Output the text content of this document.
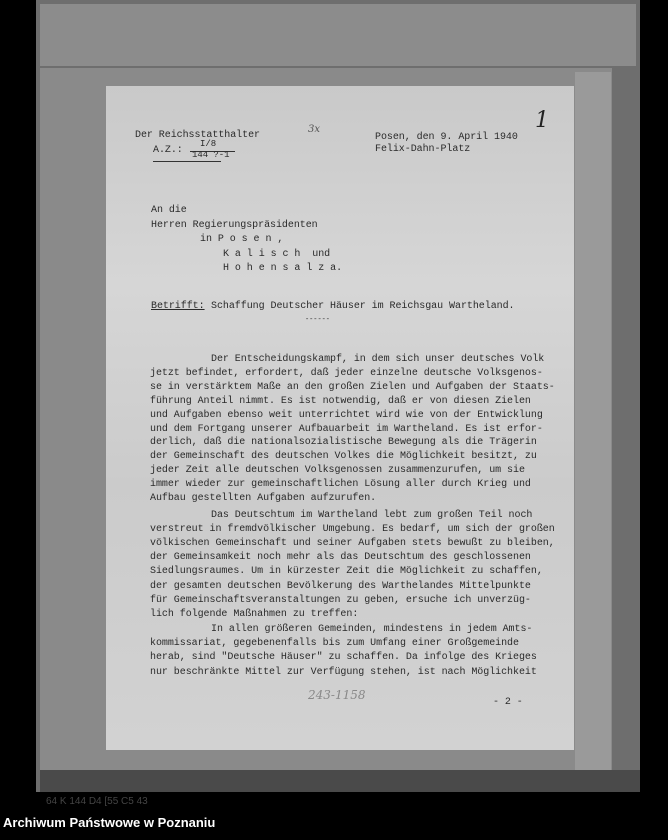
64 K 144 D4 [55 C5 43
Der Reichsstatthalter
A.Z.:
I/8
144 ?-1
3x
Posen, den 9. April 1940
Felix-Dahn-Platz
1
An die
Herren Regierungspräsidenten
in P o s e n ,
K a l i s c h  und
H o h e n s a l z a.
Betrifft: Schaffung Deutscher Häuser im Reichsgau Wartheland.
------
Der Entscheidungskampf, in dem sich unser deutsches Volk
jetzt befindet, erfordert, daß jeder einzelne deutsche Volksgenos-
se in verstärktem Maße an den großen Zielen und Aufgaben der Staats-
führung Anteil nimmt. Es ist notwendig, daß er von diesen Zielen
und Aufgaben ebenso weit unterrichtet wird wie von der Entwicklung
und dem Fortgang unserer Aufbauarbeit im Wartheland. Es ist erfor-
derlich, daß die nationalsozialistische Bewegung als die Trägerin
der Gemeinschaft des deutschen Volkes die Möglichkeit besitzt, zu
jeder Zeit alle deutschen Volksgenossen zusammenzurufen, um sie
immer wieder zur gemeinschaftlichen Lösung aller durch Krieg und
Aufbau gestellten Aufgaben aufzurufen.
Das Deutschtum im Wartheland lebt zum großen Teil noch
verstreut in fremdvölkischer Umgebung. Es bedarf, um sich der großen
völkischen Gemeinschaft und seiner Aufgaben stets bewußt zu bleiben,
der Gemeinsamkeit noch mehr als das Deutschtum des geschlossenen
Siedlungsraumes. Um in kürzester Zeit die Möglichkeit zu schaffen,
der gesamten deutschen Bevölkerung des Warthelandes Mittelpunkte
für Gemeinschaftsveranstaltungen zu geben, ersuche ich unverzüg-
lich folgende Maßnahmen zu treffen:
In allen größeren Gemeinden, mindestens in jedem Amts-
kommissariat, gegebenenfalls bis zum Umfang einer Großgemeinde
herab, sind "Deutsche Häuser" zu schaffen. Da infolge des Krieges
nur beschränkte Mittel zur Verfügung stehen, ist nach Möglichkeit
243-1158
- 2 -
Archiwum Państwowe w Poznaniu
